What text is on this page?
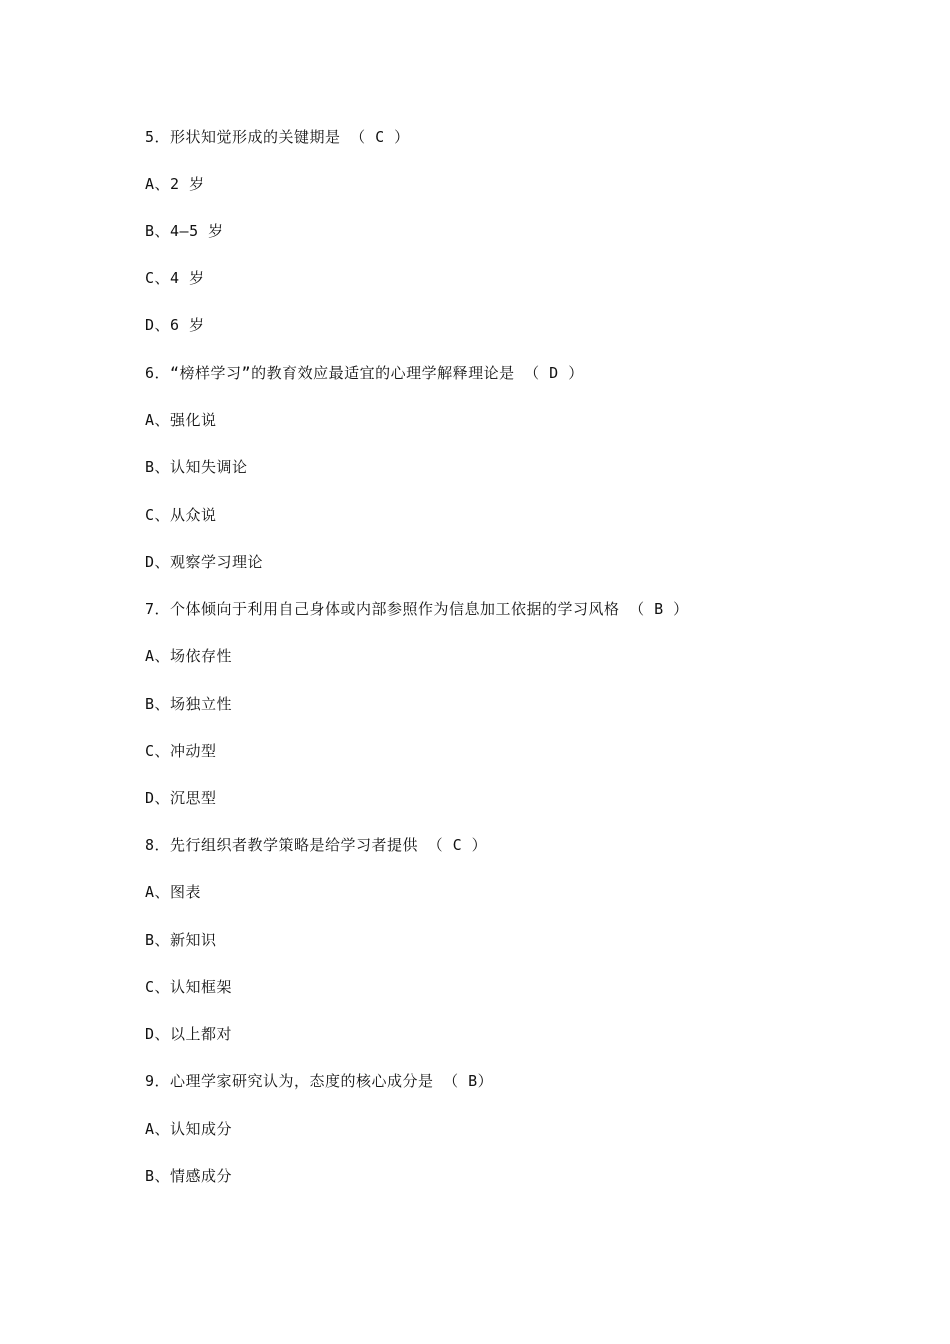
5．形状知觉形成的关键期是 （ C ）
A、2 岁
B、4—5 岁
C、4 岁
D、6 岁
6．“榜样学习”的教育效应最适宜的心理学解释理论是 （ D ）
A、强化说
B、认知失调论
C、从众说
D、观察学习理论
7．个体倾向于利用自己身体或内部参照作为信息加工依据的学习风格 （ B ）
A、场依存性
B、场独立性
C、冲动型
D、沉思型
8．先行组织者教学策略是给学习者提供 （ C ）
A、图表
B、新知识
C、认知框架
D、以上都对
9．心理学家研究认为，态度的核心成分是 （ B）
A、认知成分
B、情感成分
